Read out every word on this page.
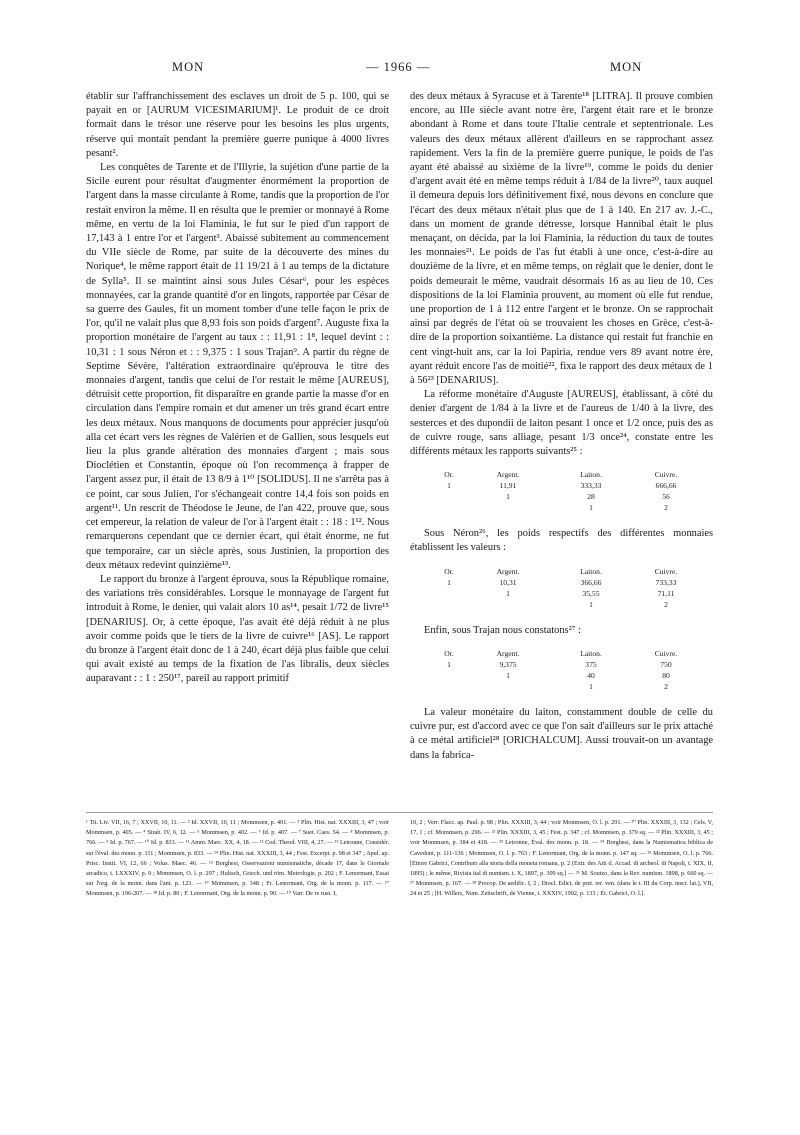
MON	— 1966 —	MON

établir sur l'affranchissement des esclaves un droit de 5 p. 100, qui se payait en or [AURUM VICESIMARIUM]¹. Le produit de ce droit formait dans le trésor une réserve pour les besoins les plus urgents, réserve qui montait pendant la première guerre punique à 4000 livres pesant².

Les conquêtes de Tarente et de l'Illyrie, la sujétion d'une partie de la Sicile eurent pour résultat d'augmenter énormément la proportion de l'argent dans la masse circulante à Rome, tandis que la proportion de l'or restait environ la même. Il en résulta que le premier or monnayé à Rome même, en vertu de la loi Flaminia, le fut sur le pied d'un rapport de 17,143 à 1 entre l'or et l'argent³. Abaissé subitement au commencement du VIIe siècle de Rome, par suite de la découverte des mines du Norique⁴, le même rapport était de 11 19/21 à 1 au temps de la dictature de Sylla⁵. Il se maintint ainsi sous Jules César⁶, pour les espèces monnayées, car la grande quantité d'or en lingots, rapportée par César de sa guerre des Gaules, fit un moment tomber d'une telle façon le prix de l'or, qu'il ne valait plus que 8,93 fois son poids d'argent⁷. Auguste fixa la proportion monétaire de l'argent au taux : : 11,91 : 1⁸, lequel devint : : 10,31 : 1 sous Néron et : : 9,375 : 1 sous Trajan⁹. A partir du règne de Septime Sévère, l'altération extraordinaire qu'éprouva le titre des monnaies d'argent, tandis que celui de l'or restait le même [AUREUS], détruisit cette proportion, fit disparaître en grande partie la masse d'or en circulation dans l'empire romain et dut amener un très grand écart entre les deux métaux. Nous manquons de documents pour apprécier jusqu'où alla cet écart vers les règnes de Valérien et de Gallien, sous lesquels eut lieu la plus grande altération des monnaies d'argent ; mais sous Dioclétien et Constantin, époque où l'on recommença à frapper de l'argent assez pur, il était de 13 8/9 à 1¹⁰ [SOLIDUS]. Il ne s'arrêta pas à ce point, car sous Julien, l'or s'échangeait contre 14,4 fois son poids en argent¹¹. Un rescrit de Théodose le Jeune, de l'an 422, prouve que, sous cet empereur, la relation de valeur de l'or à l'argent était : : 18 : 1¹². Nous remarquerons cependant que ce dernier écart, qui était énorme, ne fut que temporaire, car un siècle après, sous Justinien, la proportion des deux métaux redevint quinzième¹³.

Le rapport du bronze à l'argent éprouva, sous la République romaine, des variations très considérables. Lorsque le monnayage de l'argent fut introduit à Rome, le denier, qui valait alors 10 as¹⁴, pesait 1/72 de livre¹⁵ [DENARIUS]. Or, à cette époque, l'as avait été déjà réduit à ne plus avoir comme poids que le tiers de la livre de cuivre¹⁶ [AS]. Le rapport du bronze à l'argent était donc de 1 à 240, écart déjà plus faible que celui qui avait existé au temps de la fixation de l'as libralis, deux siècles auparavant : : 1 : 250¹⁷, pareil au rapport primitif

des deux métaux à Syracuse et à Tarente¹⁸ [LITRA]. Il prouve combien encore, au IIIe siècle avant notre ère, l'argent était rare et le bronze abondant à Rome et dans toute l'Italie centrale et septentrionale. Les valeurs des deux métaux allèrent d'ailleurs en se rapprochant assez rapidement. Vers la fin de la première guerre punique, le poids de l'as ayant été abaissé au sixième de la livre¹⁹, comme le poids du denier d'argent avait été en même temps réduit à 1/84 de la livre²⁰, taux auquel il demeura depuis lors définitivement fixé, nous devons en conclure que l'écart des deux métaux n'était plus que de 1 à 140. En 217 av. J.-C., dans un moment de grande détresse, lorsque Hannibal était le plus menaçant, on décida, par la loi Flaminia, la réduction du taux de toutes les monnaies²¹. Le poids de l'as fut établi à une once, c'est-à-dire au douzième de la livre, et en même temps, on réglait que le denier, dont le poids demeurait le même, vaudrait désormais 16 as au lieu de 10. Ces dispositions de la loi Flaminia prouvent, au moment où elle fut rendue, une proportion de 1 à 112 entre l'argent et le bronze. On se rapprochait ainsi par degrés de l'état où se trouvaient les choses en Grèce, c'est-à-dire de la proportion soixantième. La distance qui restait fut franchie en cent vingt-huit ans, car la loi Papiria, rendue vers 89 avant notre ère, ayant réduit encore l'as de moitié²², fixa le rapport des deux métaux de 1 à 56²³ [DENARIUS].

La réforme monétaire d'Auguste [AUREUS], établissant, à côté du denier d'argent de 1/84 à la livre et de l'aureus de 1/40 à la livre, des sesterces et des dupondii de laiton pesant 1 once et 1/2 once, puis des as de cuivre rouge, sans alliage, pesant 1/3 once²⁴, constate entre les différents métaux les rapports suivants²⁵ :

Or.	Argent.	Laiton.	Cuivre.
1	11,91	333,33	666,66
	1	28	56
		1	2

Sous Néron²⁶, les poids respectifs des différentes monnaies établissent les valeurs :

Or.	Argent.	Laiton.	Cuivre.
1	10,31	366,66	733,33
	1	35,55	71,11
		1	2

Enfin, sous Trajan nous constatons²⁷ :

Or.	Argent.	Laiton.	Cuivre.
1	9,375	375	750
	1	40	80
		1	2

La valeur monétaire du laiton, constamment double de celle du cuivre pur, est d'accord avec ce que l'on sait d'ailleurs sur le prix attaché à ce métal artificiel²⁸ [ORICHALCUM]. Aussi trouvait-on un avantage dans la fabrica-

¹ Tit. Liv. VII, 16, 7 ; XXVII, 10, 11. — ² Id. XXVII, 10, 11 ; Mommsen, p. 401. — ³ Plin. Hist. nat. XXXIII, 3, 47 ; voir Mommsen, p. 405. — ⁴ Strab. IV, 6, 12. — ⁵ Mommsen, p. 402. — ⁶ Id. p. 407. — ⁷ Suet. Caes. 54. — ⁸ Mommsen, p. 766. — ⁹ Id. p. 767. — ¹⁰ Id. p. 833. — ¹¹ Amm. Marc. XX, 4, 18. — ¹² Cod. Theod. VIII, 4, 27. — ¹³ Letronne, Considér. sur l'éval. des monn. p. 111 ; Mommsen, p. 833. — ¹⁴ Plin. Hist. nat. XXXIII, 3, 44 ; Fest. Excerpt. p. 98 et 347 ; Apul. ap. Prisc. Instit. VI, 12, 66 ; Volus. Maec. 46. — ¹⁵ Borghesi, Osservazioni numismatiche, décade 17, dans le Giornale arcadico, t. LXXXIV, p. 9 ; Mommsen, O. l. p. 297 ; Hultsch, Griech. und röm. Metrologie, p. 202 ; F. Lenormant, Essai sur l'org. de la monn. dans l'ant. p. 123. — ¹⁶ Mommsen, p. 348 ; Fr. Lenormant, Org. de la monn. p. 117. — ¹⁷ Mommsen, p. 196-207. — ¹⁸ Id. p. 80 ; F. Lenormant, Org. de la monn. p. 90. — ¹⁹ Varr. De re rust. I,
10, 2 ; Verr. Flacc. ap. Paul. p. 98 ; Plin. XXXIII, 3, 44 ; voir Mommsen, O. l. p. 291. — ²⁰ Plin. XXXIII, 3, 132 ; Cels. V, 17, 1 ; cf. Mommsen, p. 296. — ²¹ Plin. XXXIII, 3, 45 ; Fest. p. 347 ; cf. Mommsen, p. 379 sq. — ²² Plin. XXXIII, 3, 45 ; voir Mommsen, p. 384 et 418. — ²³ Letronne, Éval. des monn. p. 18. — ²⁴ Borghesi, dans la Numismatica biblica de Cavedoni, p. 111-136 ; Mommsen, O. l. p. 763 ; F. Lenormant, Org. de la monn. p. 147 sq. — ²⁵ Mommsen, O. l. p. 766. [Ettore Gabrici, Contributo alla storia della moneta romana, p. 2 (Extr. des Atti d. Accad. di archeol. di Napoli, t. XIX, II, 1895) ; le même, Rivista ital di numism. t. X, 1897, p. 309 sq.] — ²⁶ M. Soutzo, dans la Rev. numism. 1898, p. 660 sq. — ²⁷ Mommsen, p. 167. — ²⁸ Procop. De aedific. I, 2 ; Diocl. Edict. de pret. rer. ven. (dans le t. III du Corp. inscr. lat.), VII, 24 et 25 ; [H. Willers, Num. Zeitschrift, de Vienne, t. XXXIV, 1902, p. 133 ; Et. Gabrici, O. l.].
